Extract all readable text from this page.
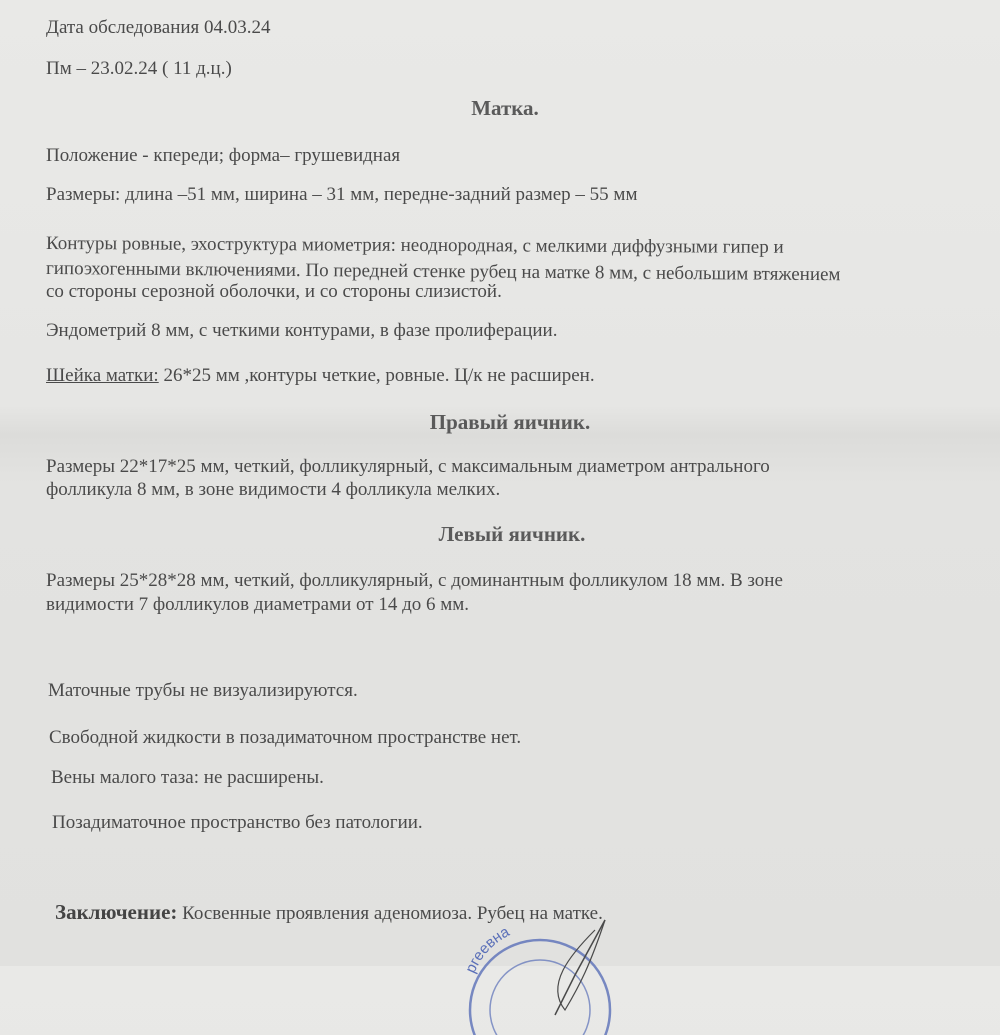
Дата обследования 04.03.24
Пм – 23.02.24 ( 11 д.ц.)
Матка.
Положение - кпереди; форма– грушевидная
Размеры: длина –51 мм, ширина – 31 мм, передне-задний размер – 55 мм
Контуры ровные, эхоструктура миометрия: неоднородная, с мелкими диффузными гипер и
гипоэхогенными включениями. По передней стенке рубец на матке 8 мм, с небольшим втяжением
со стороны серозной оболочки, и со стороны слизистой.
Эндометрий 8 мм, с четкими контурами, в фазе пролиферации.
Шейка матки: 26*25 мм ,контуры четкие, ровные. Ц/к не расширен.
Правый яичник.
Размеры 22*17*25 мм, четкий, фолликулярный, с максимальным диаметром антрального
фолликула 8 мм, в зоне видимости 4 фолликула мелких.
Левый яичник.
Размеры 25*28*28 мм, четкий, фолликулярный, с доминантным фолликулом 18 мм. В зоне
видимости 7 фолликулов диаметрами от 14 до 6 мм.
Маточные трубы не визуализируются.
Свободной жидкости в позадиматочном пространстве нет.
Вены малого таза: не расширены.
Позадиматочное пространство без патологии.
Заключение: Косвенные проявления аденомиоза. Рубец на матке.
ргеевна
